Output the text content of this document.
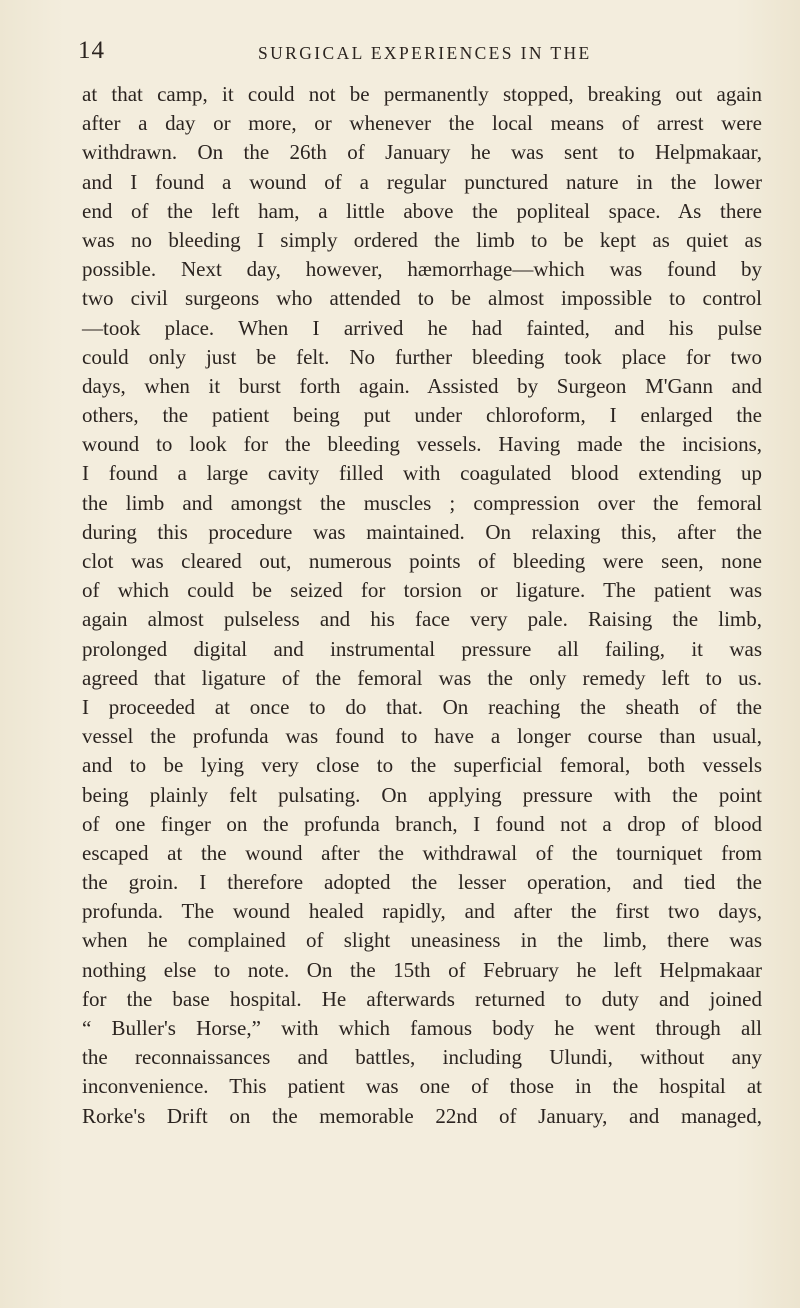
14	SURGICAL EXPERIENCES IN THE
at that camp, it could not be permanently stopped, breaking out again
after a day or more, or whenever the local means of arrest were
withdrawn. On the 26th of January he was sent to Helpmakaar,
and I found a wound of a regular punctured nature in the lower
end of the left ham, a little above the popliteal space. As there
was no bleeding I simply ordered the limb to be kept as quiet as
possible. Next day, however, hæmorrhage—which was found by
two civil surgeons who attended to be almost impossible to control
—took place. When I arrived he had fainted, and his pulse
could only just be felt. No further bleeding took place for two
days, when it burst forth again. Assisted by Surgeon M'Gann and
others, the patient being put under chloroform, I enlarged the
wound to look for the bleeding vessels. Having made the incisions,
I found a large cavity filled with coagulated blood extending up
the limb and amongst the muscles ; compression over the femoral
during this procedure was maintained. On relaxing this, after the
clot was cleared out, numerous points of bleeding were seen, none
of which could be seized for torsion or ligature. The patient was
again almost pulseless and his face very pale. Raising the limb,
prolonged digital and instrumental pressure all failing, it was
agreed that ligature of the femoral was the only remedy left to us.
I proceeded at once to do that. On reaching the sheath of the
vessel the profunda was found to have a longer course than usual,
and to be lying very close to the superficial femoral, both vessels
being plainly felt pulsating. On applying pressure with the point
of one finger on the profunda branch, I found not a drop of blood
escaped at the wound after the withdrawal of the tourniquet from
the groin. I therefore adopted the lesser operation, and tied the
profunda. The wound healed rapidly, and after the first two days,
when he complained of slight uneasiness in the limb, there was
nothing else to note. On the 15th of February he left Helpmakaar
for the base hospital. He afterwards returned to duty and joined
“ Buller's Horse,” with which famous body he went through all
the reconnaissances and battles, including Ulundi, without any
inconvenience. This patient was one of those in the hospital at
Rorke's Drift on the memorable 22nd of January, and managed,
